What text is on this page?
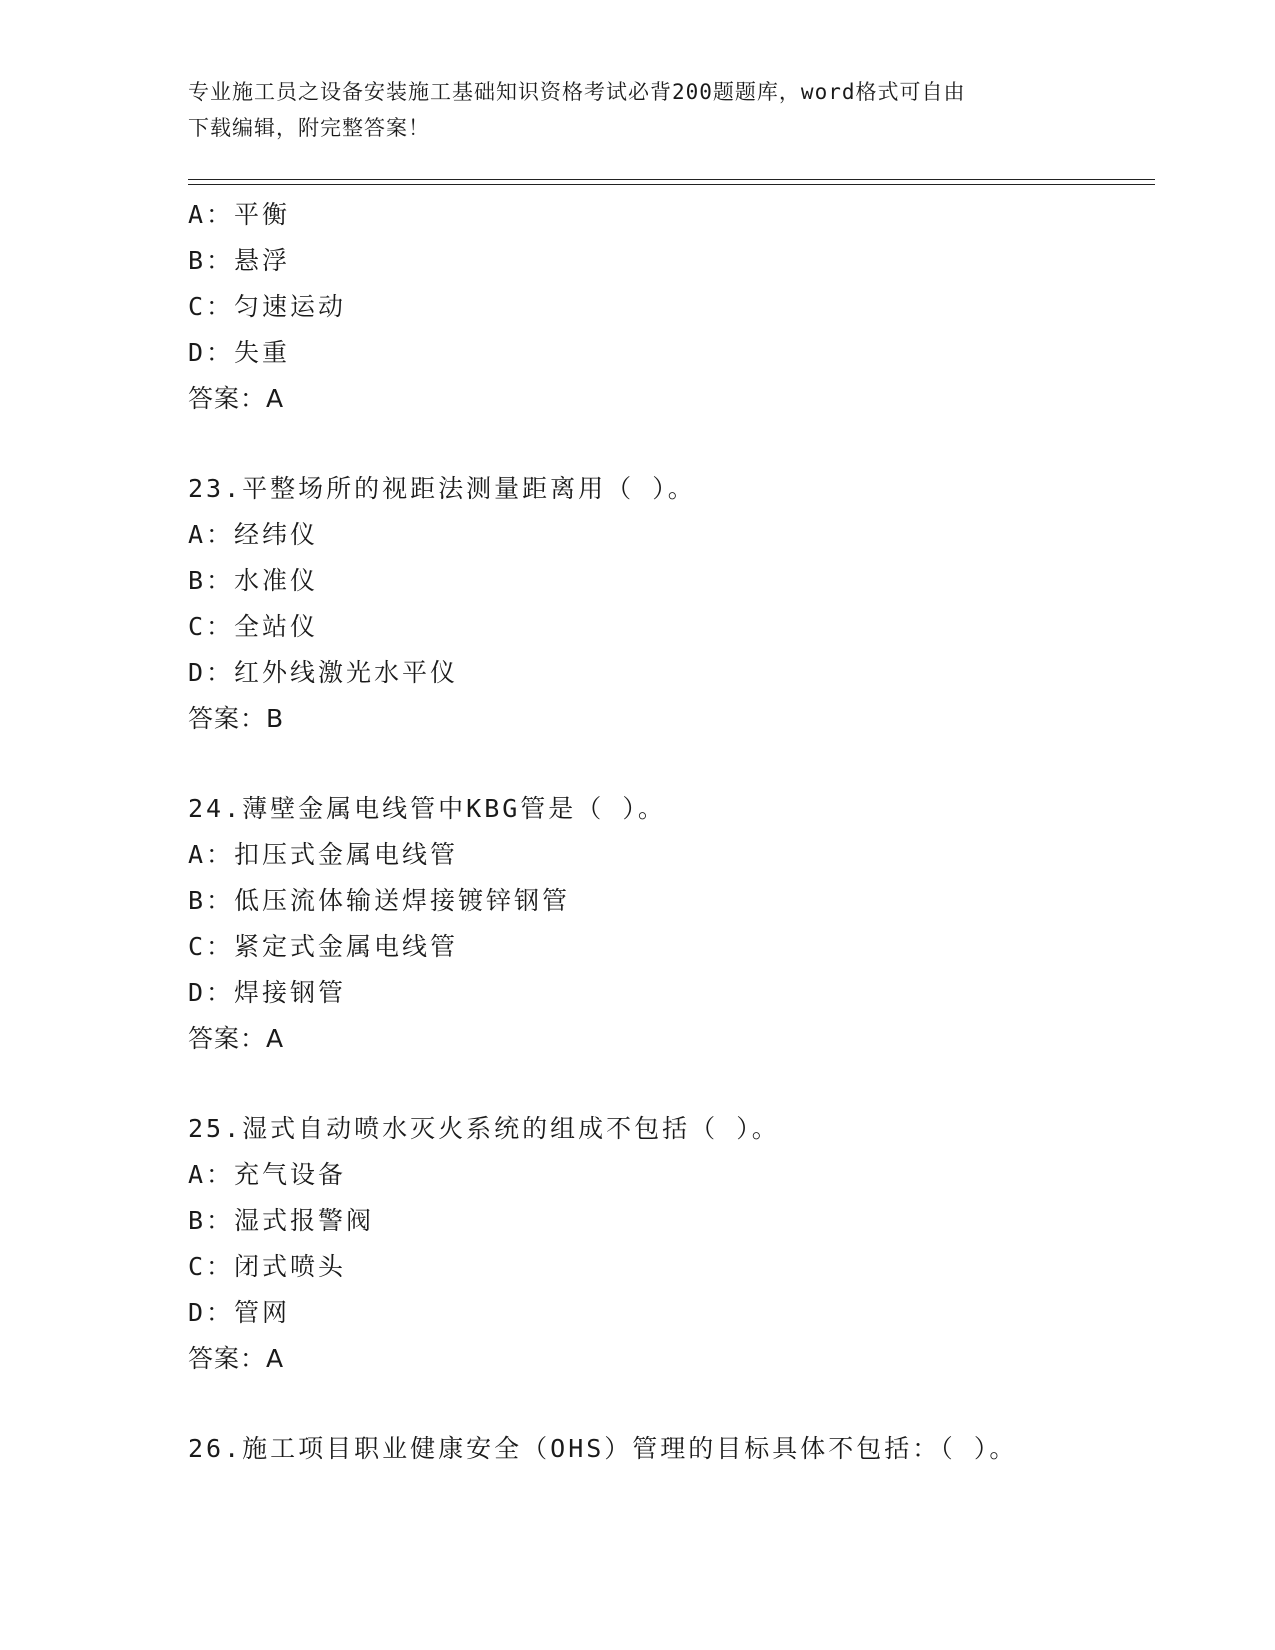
专业施工员之设备安装施工基础知识资格考试必背200题题库，word格式可自由
下载编辑，附完整答案！
A：平衡
B：悬浮
C：匀速运动
D：失重
答案：A
23.平整场所的视距法测量距离用（ ）。
A：经纬仪
B：水准仪
C：全站仪
D：红外线激光水平仪
答案：B
24.薄壁金属电线管中KBG管是（ ）。
A：扣压式金属电线管
B：低压流体输送焊接镀锌钢管
C：紧定式金属电线管
D：焊接钢管
答案：A
25.湿式自动喷水灭火系统的组成不包括（ ）。
A：充气设备
B：湿式报警阀
C：闭式喷头
D：管网
答案：A
26.施工项目职业健康安全（OHS）管理的目标具体不包括：（ ）。
